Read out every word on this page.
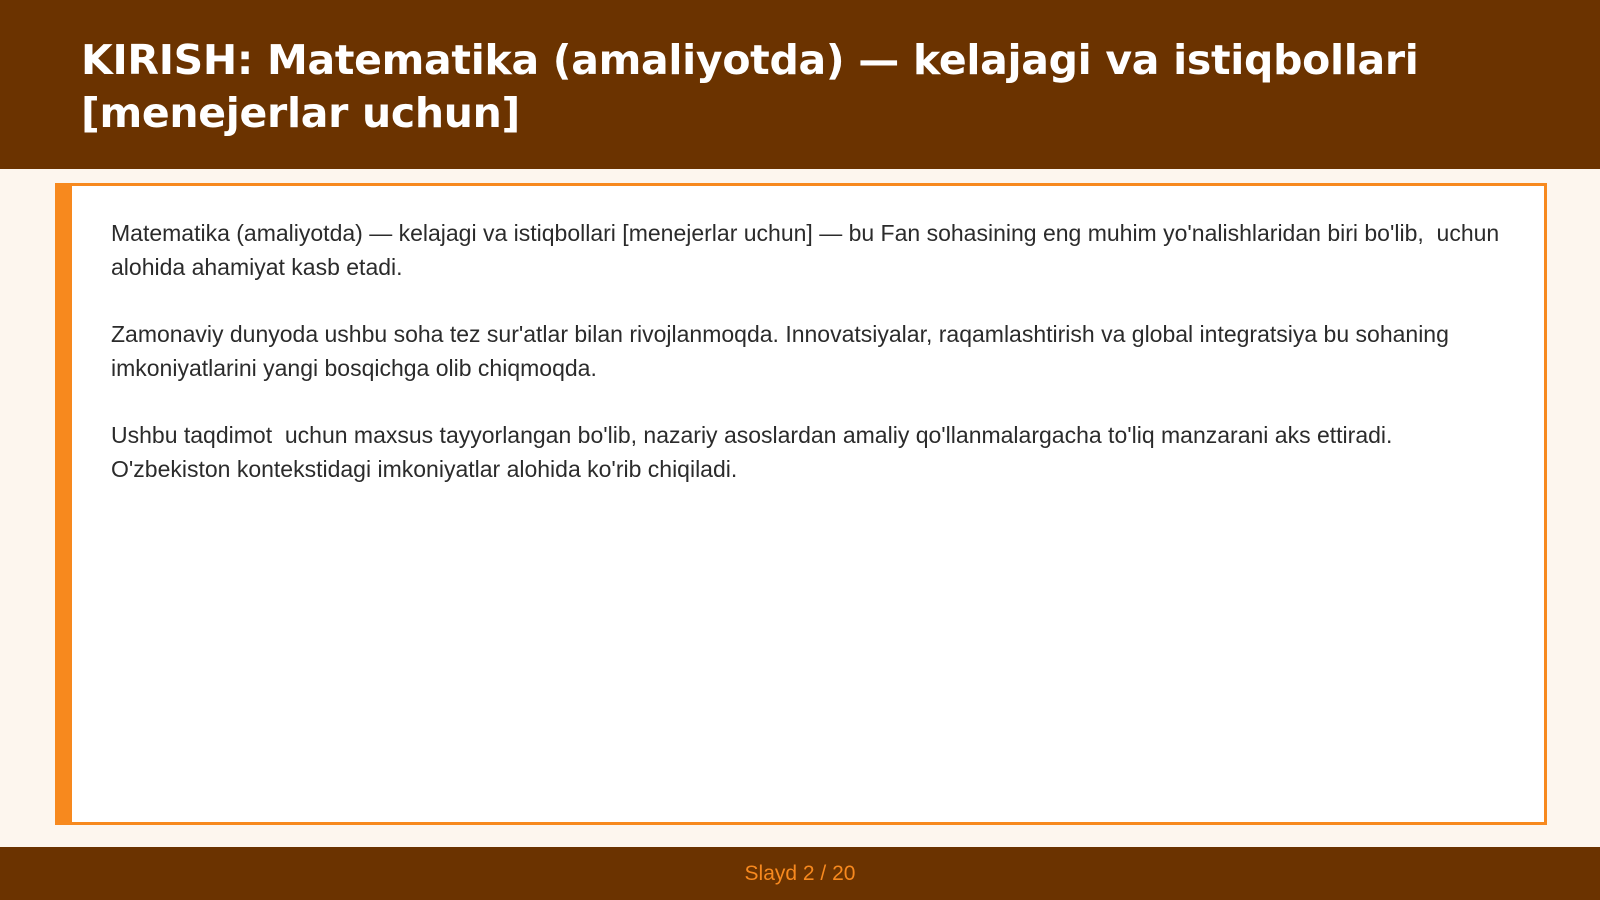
KIRISH: Matematika (amaliyotda) — kelajagi va istiqbollari [menejerlar uchun]

Matematika (amaliyotda) — kelajagi va istiqbollari [menejerlar uchun] — bu Fan sohasining eng muhim yo'nalishlaridan biri bo'lib,  uchun alohida ahamiyat kasb etadi.

Zamonaviy dunyoda ushbu soha tez sur'atlar bilan rivojlanmoqda. Innovatsiyalar, raqamlashtirish va global integratsiya bu sohaning imkoniyatlarini yangi bosqichga olib chiqmoqda.

Ushbu taqdimot  uchun maxsus tayyorlangan bo'lib, nazariy asoslardan amaliy qo'llanmalargacha to'liq manzarani aks ettiradi. O'zbekiston kontekstidagi imkoniyatlar alohida ko'rib chiqiladi.

Slayd 2 / 20
